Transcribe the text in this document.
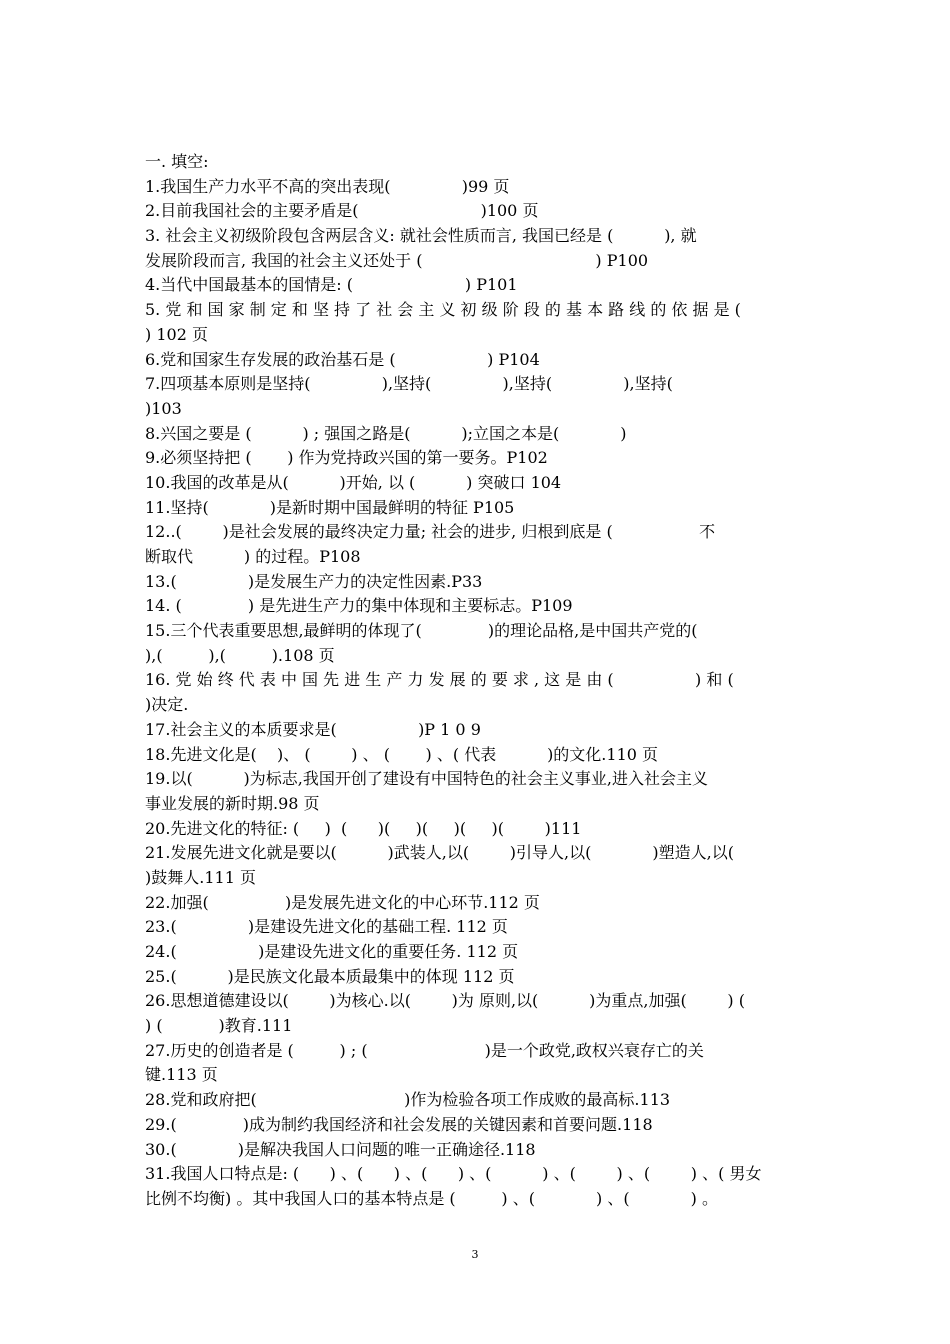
一. 填空:
1.我国生产力水平不高的突出表现(              )99 页
2.目前我国社会的主要矛盾是(                        )100 页
3. 社会主义初级阶段包含两层含义: 就社会性质而言, 我国已经是 (          ), 就
发展阶段而言, 我国的社会主义还处于 (                                  ) P100
4.当代中国最基本的国情是: (                      ) P101
5. 党 和 国 家 制 定 和 坚 持 了 社 会 主 义 初 级 阶 段 的 基 本 路 线 的 依 据 是 (
) 102 页
6.党和国家生存发展的政治基石是 (                  ) P104
7.四项基本原则是坚持(              ),坚持(              ),坚持(              ),坚持(
)103
8.兴国之要是 (          ) ; 强国之路是(          );立国之本是(            )
9.必须坚持把 (       ) 作为党持政兴国的第一要务。P102
10.我国的改革是从(          )开始, 以 (          ) 突破口 104
11.坚持(            )是新时期中国最鲜明的特征 P105
12..(        )是社会发展的最终决定力量; 社会的进步, 归根到底是 (                 不
断取代          ) 的过程。P108
13.(              )是发展生产力的决定性因素.P33
14. (             ) 是先进生产力的集中体现和主要标志。P109
15.三个代表重要思想,最鲜明的体现了(             )的理论品格,是中国共产党的(
),(         ),(         ).108 页
16. 党 始 终 代 表 中 国 先 进 生 产 力 发 展 的 要 求 , 这 是 由 (                ) 和 (
)决定.
17.社会主义的本质要求是(                )P 1 0 9
18.先进文化是(    )、 (        ) 、 (       ) 、( 代表          )的文化.110 页
19.以(          )为标志,我国开创了建设有中国特色的社会主义事业,进入社会主义
事业发展的新时期.98 页
20.先进文化的特征: (     )  (      )(     )(     )(     )(        )111
21.发展先进文化就是要以(          )武装人,以(        )引导人,以(            )塑造人,以(
)鼓舞人.111 页
22.加强(               )是发展先进文化的中心环节.112 页
23.(              )是建设先进文化的基础工程. 112 页
24.(                )是建设先进文化的重要任务. 112 页
25.(          )是民族文化最本质最集中的体现 112 页
26.思想道德建设以(        )为核心.以(        )为 原则,以(          )为重点,加强(        ) (
) (           )教育.111
27.历史的创造者是 (         ) ; (                       )是一个政党,政权兴衰存亡的关
键.113 页
28.党和政府把(                             )作为检验各项工作成败的最高标.113
29.(             )成为制约我国经济和社会发展的关键因素和首要问题.118
30.(            )是解决我国人口问题的唯一正确途径.118
31.我国人口特点是: (      ) 、(      ) 、(      ) 、(          ) 、(        ) 、(        ) 、( 男女
比例不均衡) 。其中我国人口的基本特点是 (         ) 、(            ) 、(            ) 。
3
